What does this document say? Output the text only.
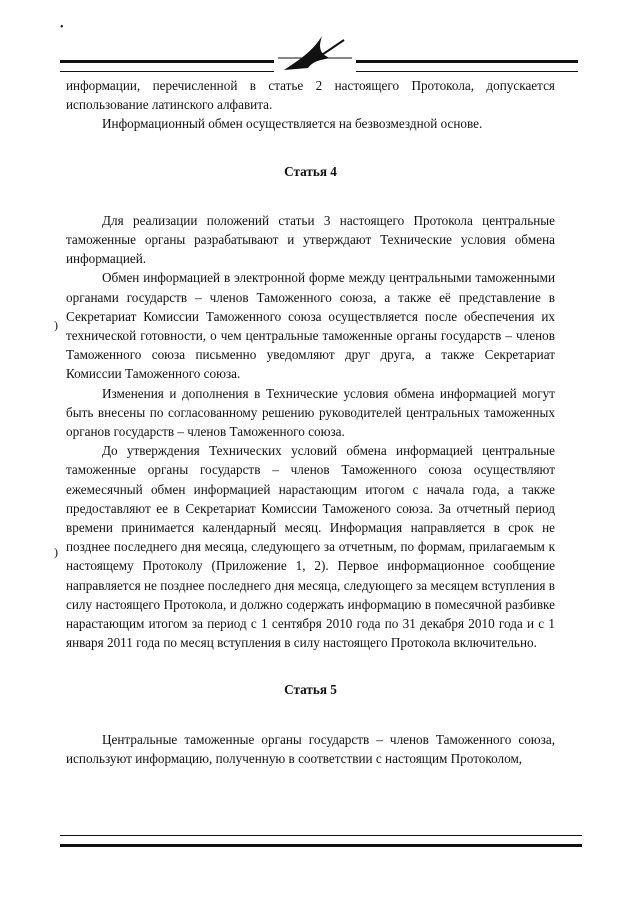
•

информации, перечисленной в статье 2 настоящего Протокола, допускается использование латинского алфавита.

Информационный обмен осуществляется на безвозмездной основе.

Статья 4

Для реализации положений статьи 3 настоящего Протокола центральные таможенные органы разрабатывают и утверждают Технические условия обмена информацией.

Обмен информацией в электронной форме между центральными таможенными органами государств – членов Таможенного союза, а также её представление в Секретариат Комиссии Таможенного союза осуществляется после обеспечения их технической готовности, о чем центральные таможенные органы государств – членов Таможенного союза письменно уведомляют друг друга, а также Секретариат Комиссии Таможенного союза.

Изменения и дополнения в Технические условия обмена информацией могут быть внесены по согласованному решению руководителей центральных таможенных органов государств – членов Таможенного союза.

До утверждения Технических условий обмена информацией центральные таможенные органы государств – членов Таможенного союза осуществляют ежемесячный обмен информацией нарастающим итогом с начала года, а также предоставляют ее в Секретариат Комиссии Таможеного союза. За отчетный период времени принимается календарный месяц. Информация направляется в срок не позднее последнего дня месяца, следующего за отчетным, по формам, прилагаемым к настоящему Протоколу (Приложение 1, 2). Первое информационное сообщение направляется не позднее последнего дня месяца, следующего за месяцем вступления в силу настоящего Протокола, и должно содержать информацию в помесячной разбивке нарастающим итогом за период с 1 сентября 2010 года по 31 декабря 2010 года и с 1 января 2011 года по месяц вступления в силу настоящего Протокола включительно.

Статья 5

Центральные таможенные органы государств – членов Таможенного союза, используют информацию, полученную в соответствии с настоящим Протоколом,

)
)
